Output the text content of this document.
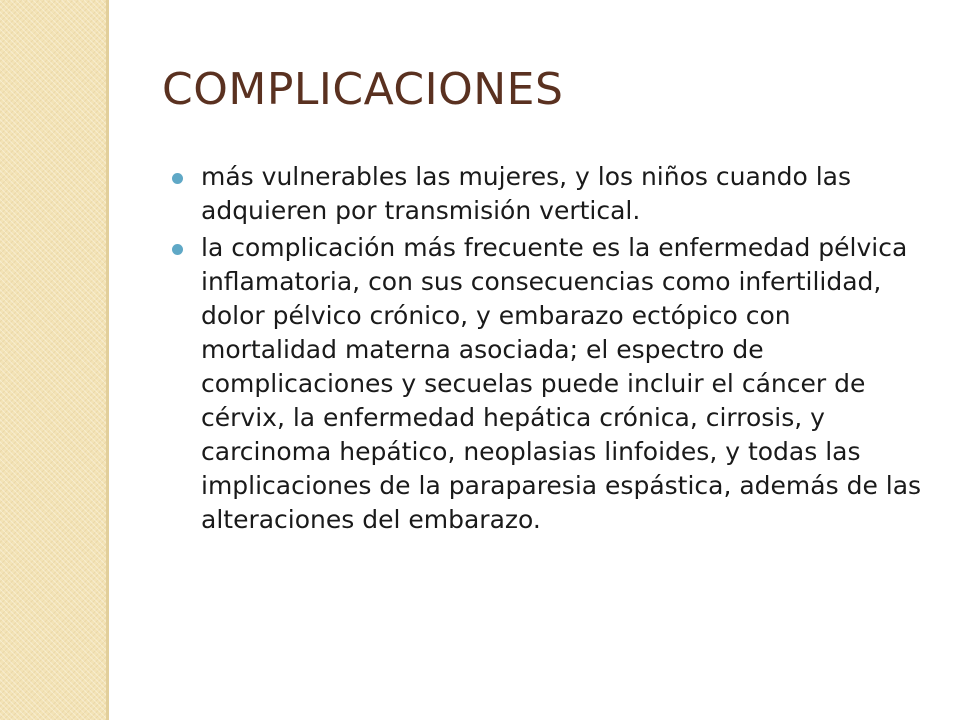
COMPLICACIONES
más vulnerables las mujeres, y los niños cuando las adquieren por transmisión vertical.
la complicación más frecuente es la enfermedad pélvica inflamatoria, con sus consecuencias como infertilidad, dolor pélvico crónico, y embarazo ectópico con mortalidad materna asociada; el espectro de complicaciones y secuelas puede incluir el cáncer de cérvix, la enfermedad hepática crónica, cirrosis, y carcinoma hepático, neoplasias linfoides, y todas las implicaciones de la paraparesia espástica, además de las alteraciones del embarazo.
